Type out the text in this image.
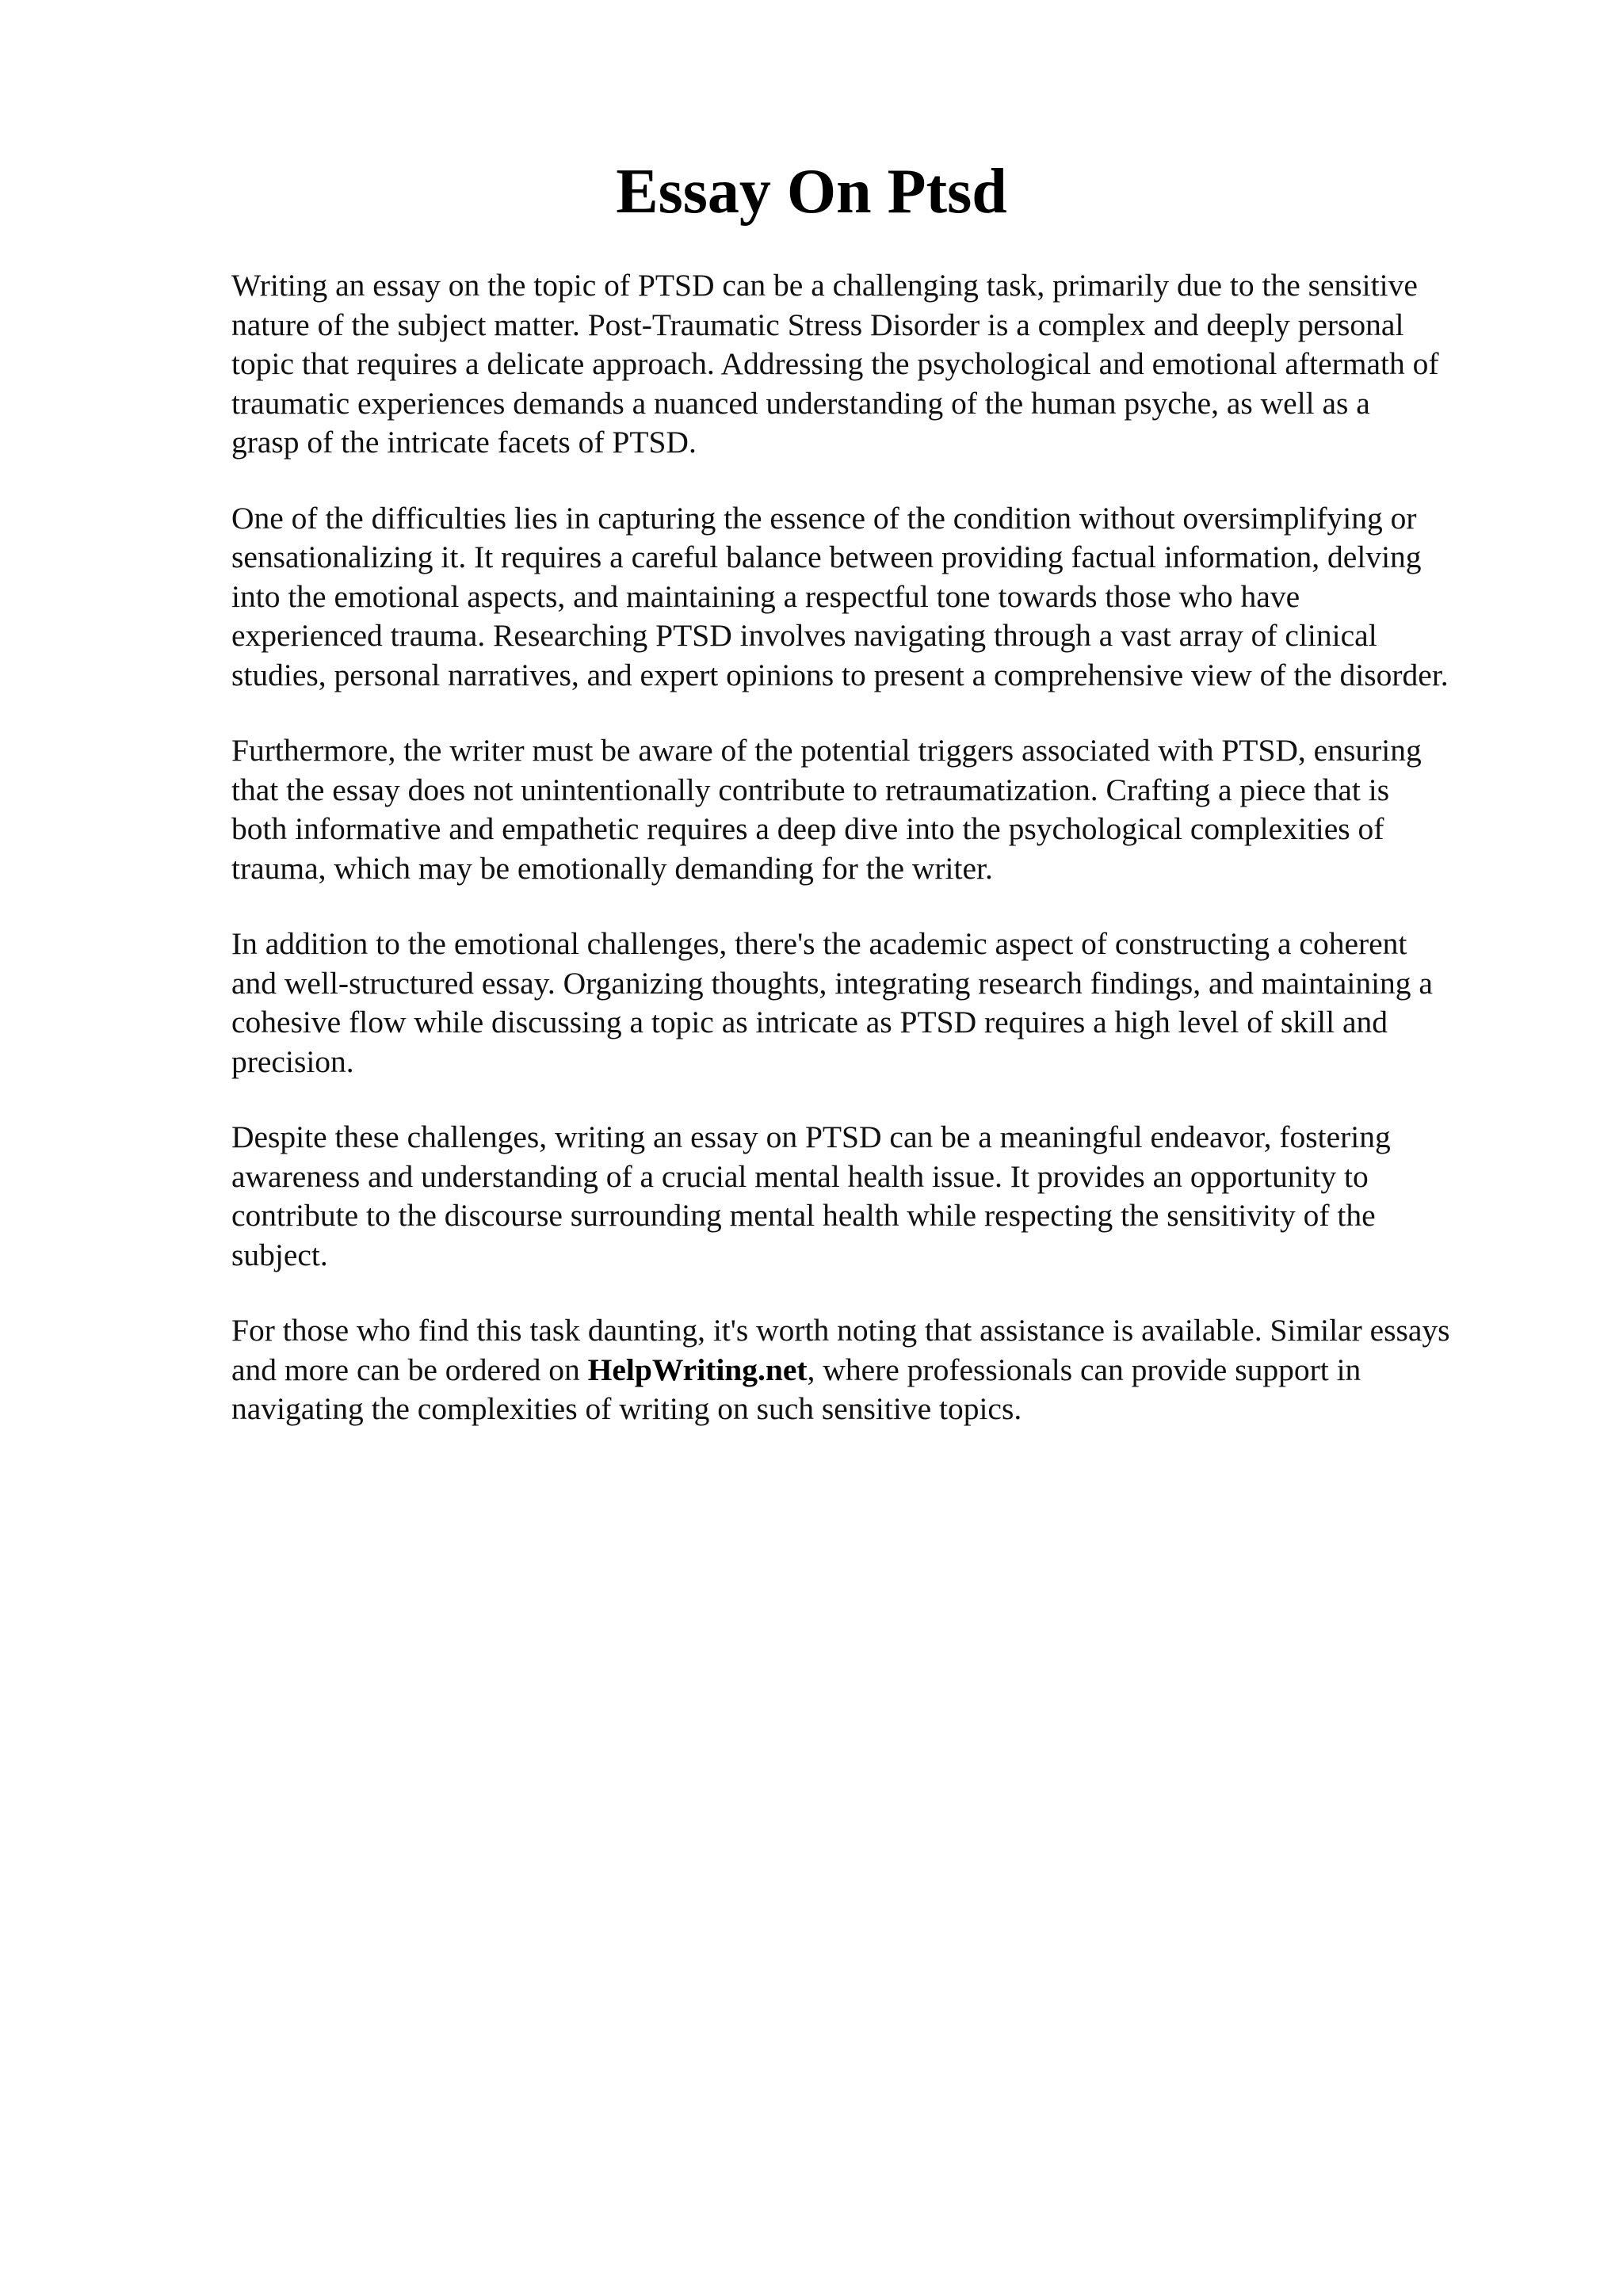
Essay On Ptsd

Writing an essay on the topic of PTSD can be a challenging task, primarily due to the sensitive
nature of the subject matter. Post-Traumatic Stress Disorder is a complex and deeply personal
topic that requires a delicate approach. Addressing the psychological and emotional aftermath of
traumatic experiences demands a nuanced understanding of the human psyche, as well as a
grasp of the intricate facets of PTSD.

One of the difficulties lies in capturing the essence of the condition without oversimplifying or
sensationalizing it. It requires a careful balance between providing factual information, delving
into the emotional aspects, and maintaining a respectful tone towards those who have
experienced trauma. Researching PTSD involves navigating through a vast array of clinical
studies, personal narratives, and expert opinions to present a comprehensive view of the disorder.

Furthermore, the writer must be aware of the potential triggers associated with PTSD, ensuring
that the essay does not unintentionally contribute to retraumatization. Crafting a piece that is
both informative and empathetic requires a deep dive into the psychological complexities of
trauma, which may be emotionally demanding for the writer.

In addition to the emotional challenges, there's the academic aspect of constructing a coherent
and well-structured essay. Organizing thoughts, integrating research findings, and maintaining a
cohesive flow while discussing a topic as intricate as PTSD requires a high level of skill and
precision.

Despite these challenges, writing an essay on PTSD can be a meaningful endeavor, fostering
awareness and understanding of a crucial mental health issue. It provides an opportunity to
contribute to the discourse surrounding mental health while respecting the sensitivity of the
subject.

For those who find this task daunting, it's worth noting that assistance is available. Similar essays
and more can be ordered on HelpWriting.net, where professionals can provide support in
navigating the complexities of writing on such sensitive topics.
